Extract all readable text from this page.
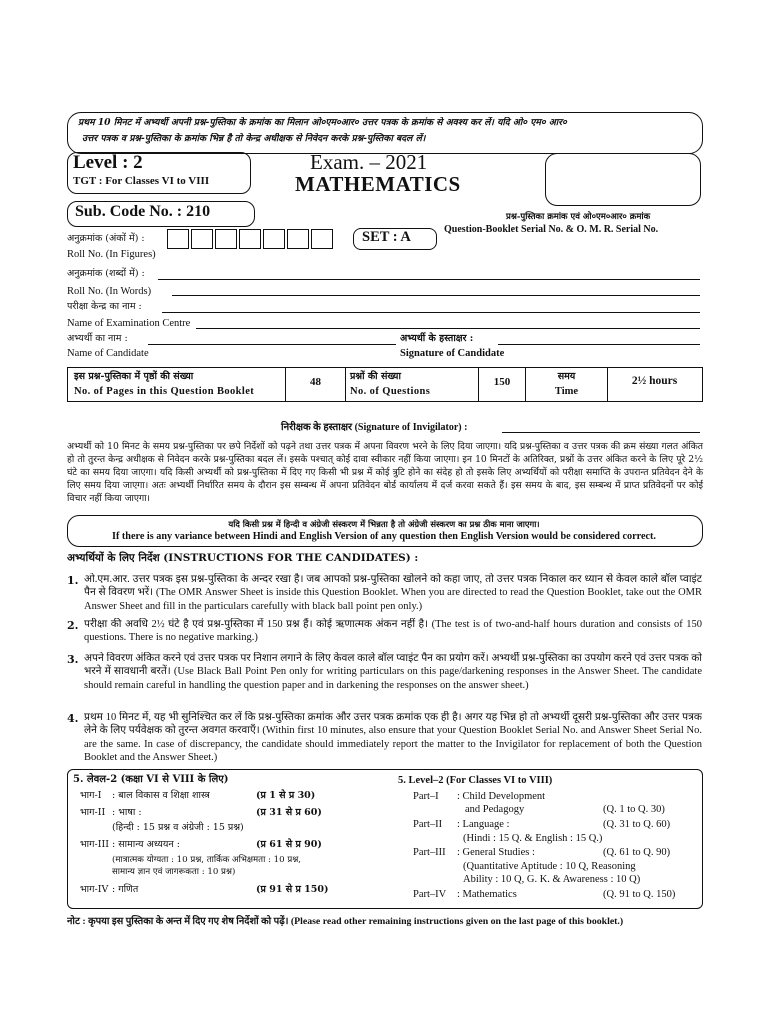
प्रथम 10 मिनट में अभ्यर्थी अपनी प्रश्न-पुस्तिका के क्रमांक का मिलान ओ०एम०आर० उत्तर पत्रक के क्रमांक से अवश्य कर लें। यदि ओ० एम० आर०
उत्तर पत्रक व प्रश्न-पुस्तिका के क्रमांक भिन्न है तो केन्द्र अधीक्षक से निवेदन करके प्रश्न-पुस्तिका बदल लें।
Level : 2
TGT : For Classes VI to VIII
Exam. – 2021
MATHEMATICS
Sub. Code No. : 210
SET : A
प्रश्न-पुस्तिका क्रमांक एवं ओ०एम०आर० क्रमांक
Question-Booklet Serial No. & O. M. R. Serial No.
अनुक्रमांक (अंकों में) :
Roll No. (In Figures)
अनुक्रमांक (शब्दों में) :
Roll No. (In Words)
परीक्षा केन्द्र का नाम :
Name of Examination Centre
अभ्यर्थी का नाम :
Name of Candidate
अभ्यर्थी के हस्ताक्षर :
Signature of Candidate
इस प्रश्न-पुस्तिका में पृष्ठों की संख्या
No. of Pages in this Question Booklet
48	प्रश्नों की संख्या
No. of Questions
150	समय
Time
2½ hours
निरीक्षक के हस्ताक्षर (Signature of Invigilator) :
अभ्यर्थी को 10 मिनट के समय प्रश्न-पुस्तिका पर छपे निर्देशों को पढ़ने तथा उत्तर पत्रक में अपना विवरण भरने के लिए दिया जाएगा। यदि प्रश्न-पुस्तिका व उत्तर पत्रक की क्रम संख्या गलत अंकित हो तो तुरन्त केन्द्र अधीक्षक से निवेदन करके प्रश्न-पुस्तिका बदल लें। इसके पश्चात् कोई दावा स्वीकार नहीं किया जाएगा। इन 10 मिनटों के अतिरिक्त, प्रश्नों के उत्तर अंकित करने के लिए पूरे 2½ घंटे का समय दिया जाएगा। यदि किसी अभ्यर्थी को प्रश्न-पुस्तिका में दिए गए किसी भी प्रश्न में कोई त्रुटि होने का संदेह हो तो इसके लिए अभ्यर्थियों को परीक्षा समाप्ति के उपरान्त प्रतिवेदन देने के लिए समय दिया जाएगा। अतः अभ्यर्थी निर्धारित समय के दौरान इस सम्बन्ध में अपना प्रतिवेदन बोर्ड कार्यालय में दर्ज करवा सकते हैं। इस समय के बाद, इस सम्बन्ध में प्राप्त प्रतिवेदनों पर कोई विचार नहीं किया जाएगा।
यदि किसी प्रश्न में हिन्दी व अंग्रेजी संस्करण में भिन्नता है तो अंग्रेजी संस्करण का प्रश्न ठीक माना जाएगा।
If there is any variance between Hindi and English Version of any question then English Version would be considered correct.
अभ्यर्थियों के लिए निर्देश (INSTRUCTIONS FOR THE CANDIDATES) :
1. ओ.एम.आर. उत्तर पत्रक इस प्रश्न-पुस्तिका के अन्दर रखा है। जब आपको प्रश्न-पुस्तिका खोलने को कहा जाए, तो उत्तर पत्रक निकाल कर ध्यान से केवल काले बॉल प्वाइंट पैन से विवरण भरें। (The OMR Answer Sheet is inside this Question Booklet. When you are directed to read the Question Booklet, take out the OMR Answer Sheet and fill in the particulars carefully with black ball point pen only.)
2. परीक्षा की अवधि 2½ घंटे है एवं प्रश्न-पुस्तिका में 150 प्रश्न हैं। कोई ऋणात्मक अंकन नहीं है। (The test is of two-and-half hours duration and consists of 150 questions. There is no negative marking.)
3. अपने विवरण अंकित करने एवं उत्तर पत्रक पर निशान लगाने के लिए केवल काले बॉल प्वाइंट पैन का प्रयोग करें। अभ्यर्थी प्रश्न-पुस्तिका का उपयोग करने एवं उत्तर पत्रक को भरने में सावधानी बरतें। (Use Black Ball Point Pen only for writing particulars on this page/darkening responses in the Answer Sheet. The candidate should remain careful in handling the question paper and in darkening the responses on the answer sheet.)
4. प्रथम 10 मिनट में, यह भी सुनिश्चित कर लें कि प्रश्न-पुस्तिका क्रमांक और उत्तर पत्रक क्रमांक एक ही है। अगर यह भिन्न हो तो अभ्यर्थी दूसरी प्रश्न-पुस्तिका और उत्तर पत्रक लेने के लिए पर्यवेक्षक को तुरन्त अवगत करवाएँ। (Within first 10 minutes, also ensure that your Question Booklet Serial No. and Answer Sheet Serial No. are the same. In case of discrepancy, the candidate should immediately report the matter to the Invigilator for replacement of both the Question Booklet and the Answer Sheet.)
5. लेवल-2 (कक्षा VI से VIII के लिए)
भाग-I : बाल विकास व शिक्षा शास्त्र	(प्र 1 से प्र 30)
भाग-II : भाषा :	(प्र 31 से प्र 60)
(हिन्दी : 15 प्रश्न व अंग्रेजी : 15 प्रश्न)
भाग-III : सामान्य अध्ययन :	(प्र 61 से प्र 90)
(मात्रात्मक योग्यता : 10 प्रश्न, तार्किक अभिक्षमता : 10 प्रश्न,
सामान्य ज्ञान एवं जागरूकता : 10 प्रश्न)
भाग-IV : गणित	(प्र 91 से प्र 150)
5. Level–2 (For Classes VI to VIII)
Part–I : Child Development
and Pedagogy	(Q. 1 to Q. 30)
Part–II : Language :	(Q. 31 to Q. 60)
(Hindi : 15 Q. & English : 15 Q.)
Part–III : General Studies :	(Q. 61 to Q. 90)
(Quantitative Aptitude : 10 Q, Reasoning
Ability : 10 Q, G. K. & Awareness : 10 Q)
Part–IV : Mathematics	(Q. 91 to Q. 150)
नोट : कृपया इस पुस्तिका के अन्त में दिए गए शेष निर्देशों को पढ़ें। (Please read other remaining instructions given on the last page of this booklet.)
